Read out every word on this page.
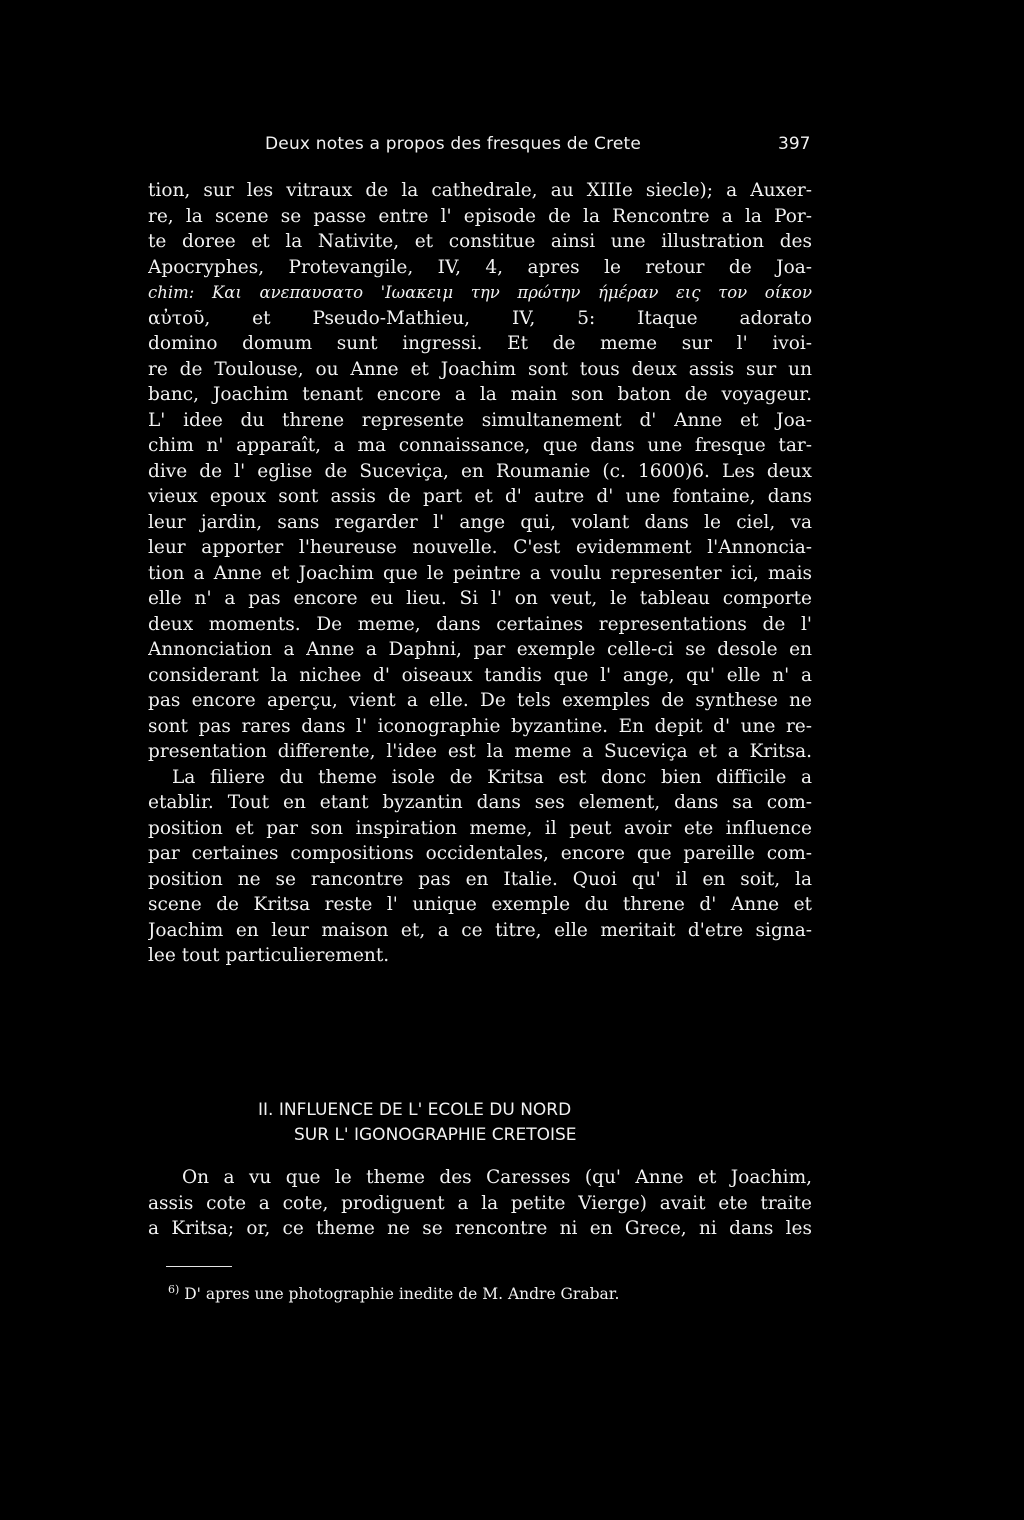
Deux notes a propos des fresques de Crete	397
tion, sur les vitraux de la cathedrale, au XIIIe siecle); a Auxer-
re, la scene se passe entre l' episode de la Rencontre a la Por-
te doree et la Nativite, et constitue ainsi une illustration des
Apocryphes, Protevangile, IV, 4, apres le retour de Joa-
chim: Και ανεπαυσατο 'Ιωακειμ την πρώτην ήμέραν εις τον οίκον
αὐτοῦ, et Pseudo-Mathieu, IV, 5: Itaque adorato
domino domum sunt ingressi. Et de meme sur l' ivoi-
re de Toulouse, ou Anne et Joachim sont tous deux assis sur un
banc, Joachim tenant encore a la main son baton de voyageur.
L' idee du threne represente simultanement d' Anne et Joa-
chim n' apparaît, a ma connaissance, que dans une fresque tar-
dive de l' eglise de Suceviça, en Roumanie (c. 1600)6. Les deux
vieux epoux sont assis de part et d' autre d' une fontaine, dans
leur jardin, sans regarder l' ange qui, volant dans le ciel, va
leur apporter l'heureuse nouvelle. C'est evidemment l'Annoncia-
tion a Anne et Joachim que le peintre a voulu representer ici, mais
elle n' a pas encore eu lieu. Si l' on veut, le tableau comporte
deux moments. De meme, dans certaines representations de l'
Annonciation a Anne a Daphni, par exemple celle-ci se desole en
considerant la nichee d' oiseaux tandis que l' ange, qu' elle n' a
pas encore aperçu, vient a elle. De tels exemples de synthese ne
sont pas rares dans l' iconographie byzantine. En depit d' une re-
presentation differente, l'idee est la meme a Suceviça et a Kritsa.
La filiere du theme isole de Kritsa est donc bien difficile a
etablir. Tout en etant byzantin dans ses element, dans sa com-
position et par son inspiration meme, il peut avoir ete influence
par certaines compositions occidentales, encore que pareille com-
position ne se rancontre pas en Italie. Quoi qu' il en soit, la
scene de Kritsa reste l' unique exemple du threne d' Anne et
Joachim en leur maison et, a ce titre, elle meritait d'etre signa-
lee tout particulierement.
II. INFLUENCE DE L' ECOLE DU NORD
SUR L' IGONOGRAPHIE CRETOISE
On a vu que le theme des Caresses (qu' Anne et Joachim,
assis cote a cote, prodiguent a la petite Vierge) avait ete traite
a Kritsa; or, ce theme ne se rencontre ni en Grece, ni dans les
$^{6)}$ D' apres une photographie inedite de M. Andre Grabar.
